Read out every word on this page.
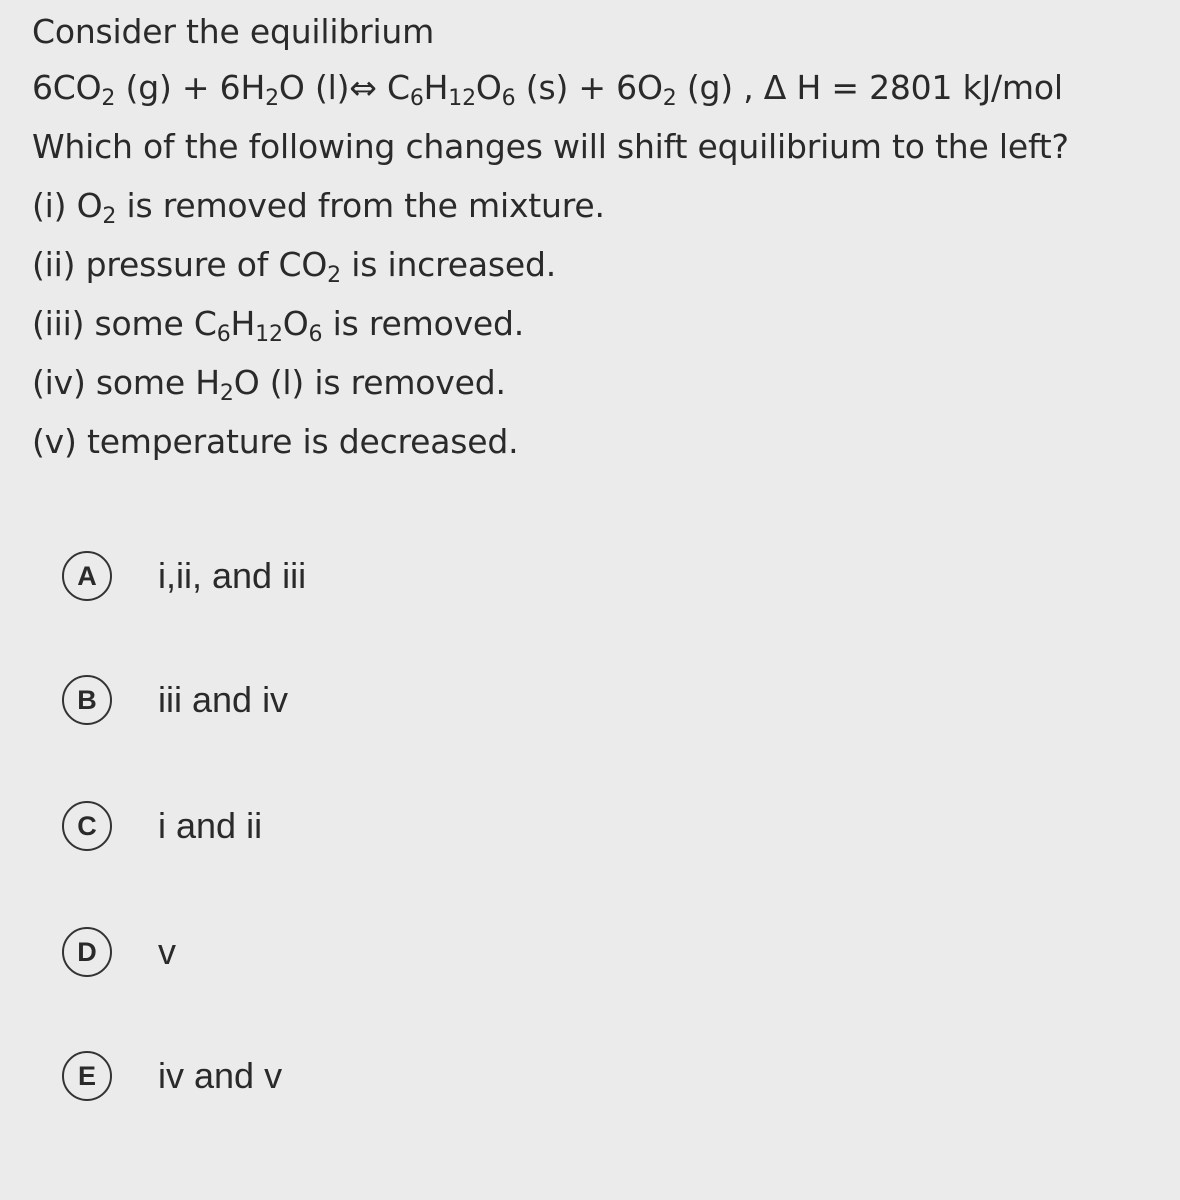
Consider the equilibrium
$6CO_2$ $(g) + 6H_2O$ (l)⇔ $C_6H_{12}O_6$ $(s) + 6O_2$ (g) , Δ H = 2801 kJ/mol
Which of the following changes will shift equilibrium to the left?
(i) $O_2$ is removed from the mixture.
(ii) pressure of $CO_2$ is increased.
(iii) some $C_6H_{12}O_6$ is removed.
(iv) some $H_2O$ (l) is removed.
(v) temperature is decreased.
A	i,ii, and iii
B	iii and iv
C	i and ii
D	v
E	iv and v
